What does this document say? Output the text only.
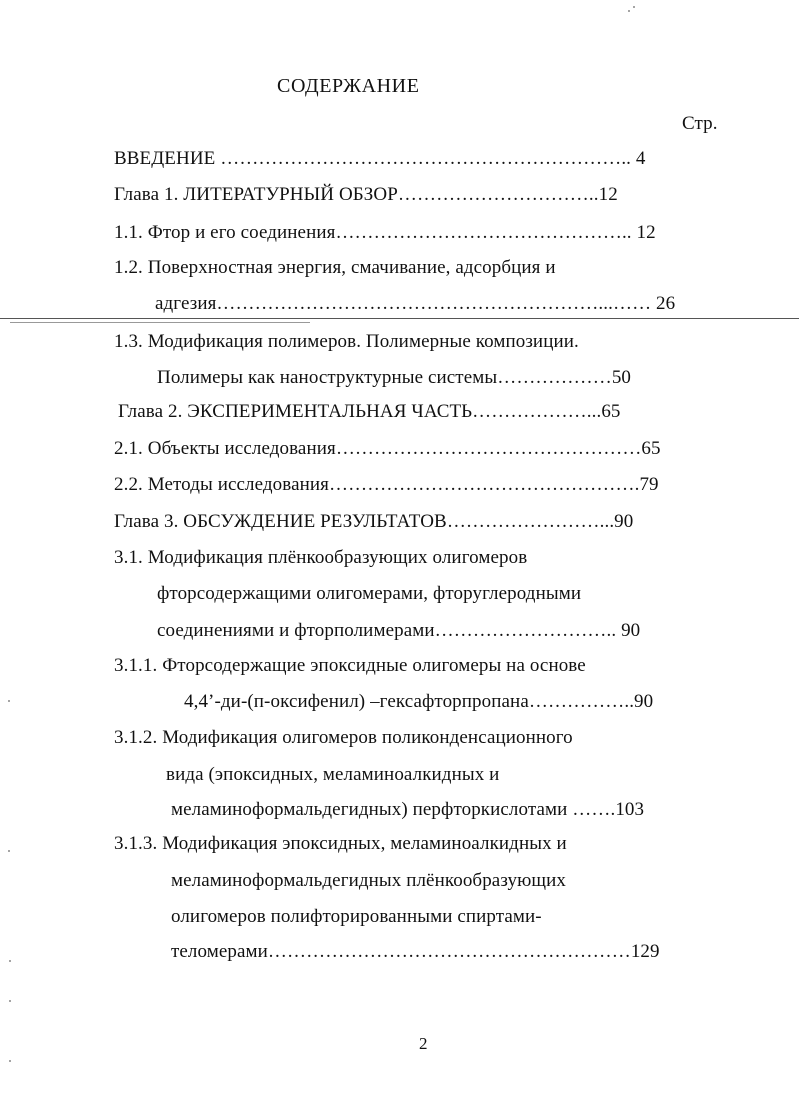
СОДЕРЖАНИЕ
Стр.
ВВЕДЕНИЕ ……………………………………………………….. 4
Глава 1. ЛИТЕРАТУРНЫЙ ОБЗОР…………………………..12
1.1. Фтор и его соединения……………………………………….. 12
1.2. Поверхностная энергия, смачивание, адсорбция и
адгезия……………………………………………………...…… 26
1.3. Модификация полимеров. Полимерные композиции.
Полимеры как наноструктурные системы………………50
Глава 2. ЭКСПЕРИМЕНТАЛЬНАЯ ЧАСТЬ………………...65
2.1. Объекты исследования…………………………………………65
2.2. Методы исследования………………………………………….79
Глава 3. ОБСУЖДЕНИЕ РЕЗУЛЬТАТОВ……………………...90
3.1. Модификация плёнкообразующих олигомеров
фторсодержащими олигомерами, фторуглеродными
соединениями и фторполимерами……………………….. 90
3.1.1. Фторсодержащие эпоксидные олигомеры на основе
4,4’-ди-(п-оксифенил) –гексафторпропана……………..90
3.1.2. Модификация олигомеров поликонденсационного
вида (эпоксидных, меламиноалкидных и
меламиноформальдегидных) перфторкислотами …….103
3.1.3. Модификация эпоксидных, меламиноалкидных и
меламиноформальдегидных плёнкообразующих
олигомеров полифторированными спиртами-
теломерами…………………………………………………129
2
